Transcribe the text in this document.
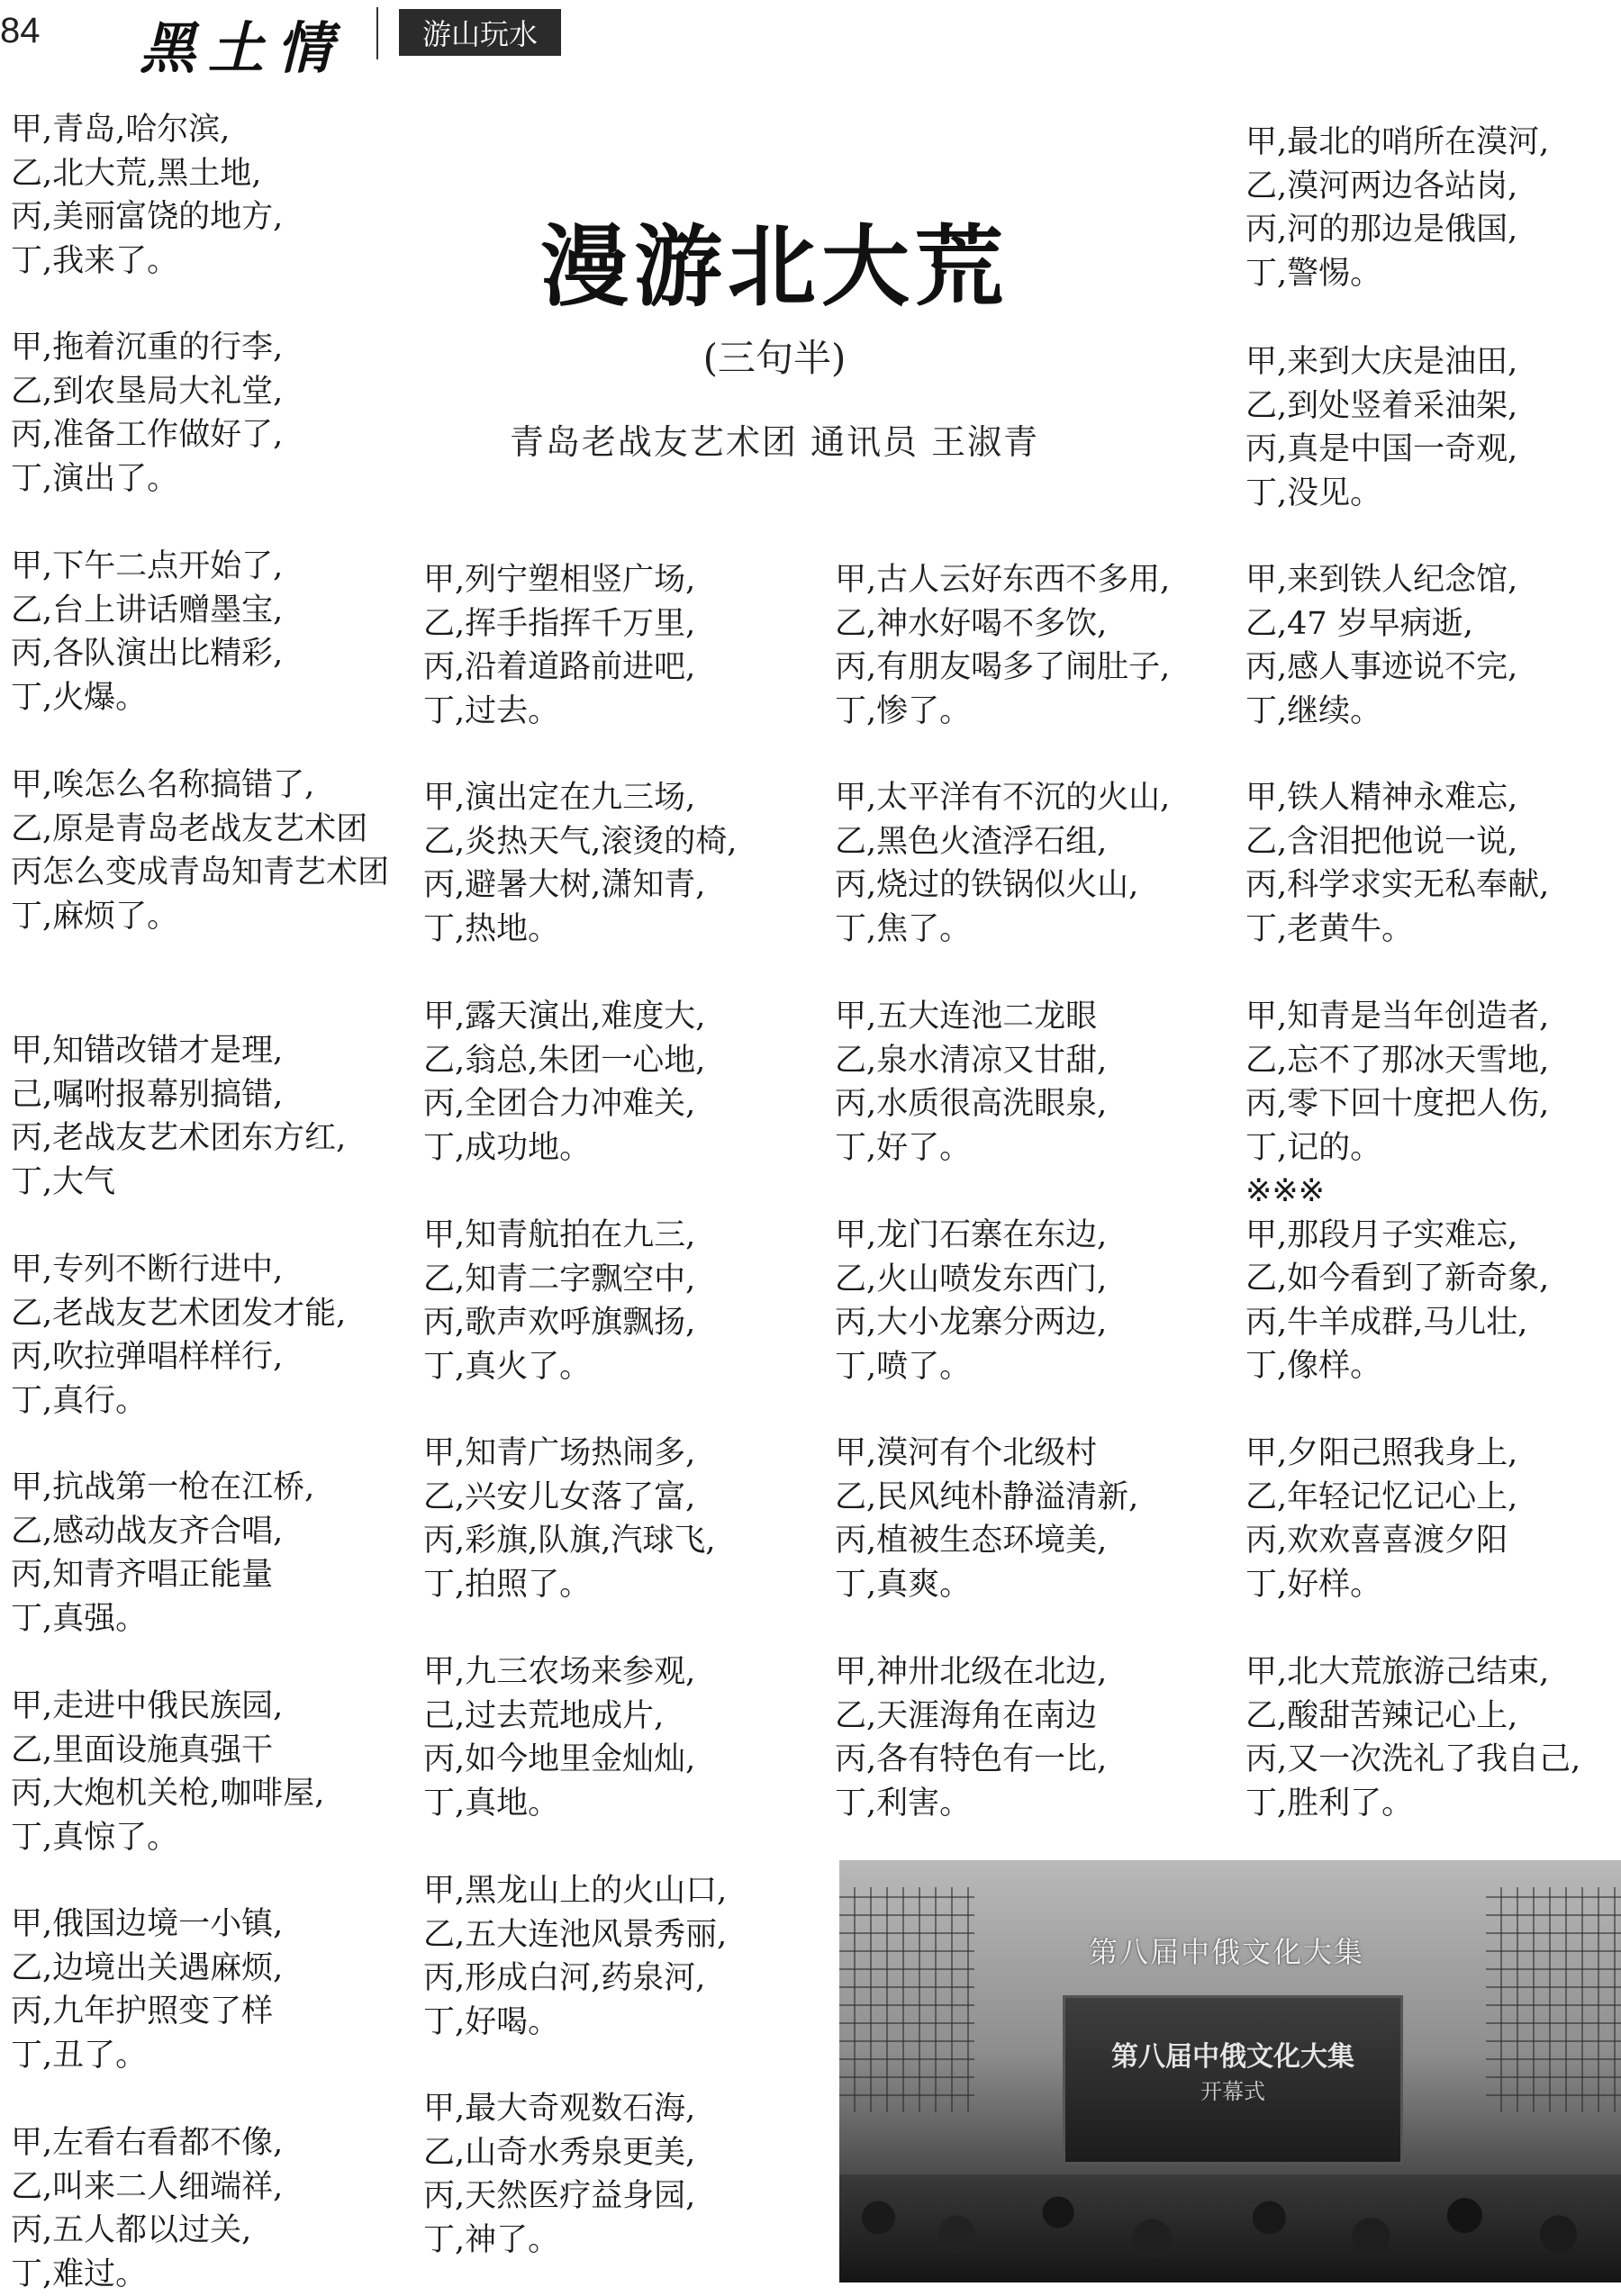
84 黑土情	游山玩水
漫游北大荒
(三句半)
青岛老战友艺术团 通讯员 王淑青
甲,青岛,哈尔滨,
乙,北大荒,黑土地,
丙,美丽富饶的地方,
丁,我来了。
甲,拖着沉重的行李,
乙,到农垦局大礼堂,
丙,准备工作做好了,
丁,演出了。
甲,下午二点开始了,
乙,台上讲话赠墨宝,
丙,各队演出比精彩,
丁,火爆。
甲,唉怎么名称搞错了,
乙,原是青岛老战友艺术团
丙怎么变成青岛知青艺术团
丁,麻烦了。
甲,知错改错才是理,
己,嘱咐报幕别搞错,
丙,老战友艺术团东方红,
丁,大气
甲,专列不断行进中,
乙,老战友艺术团发才能,
丙,吹拉弹唱样样行,
丁,真行。
甲,抗战第一枪在江桥,
乙,感动战友齐合唱,
丙,知青齐唱正能量
丁,真强。
甲,走进中俄民族园,
乙,里面设施真强干
丙,大炮机关枪,咖啡屋,
丁,真惊了。
甲,俄国边境一小镇,
乙,边境出关遇麻烦,
丙,九年护照变了样
丁,丑了。
甲,左看右看都不像,
乙,叫来二人细端祥,
丙,五人都以过关,
丁,难过。
甲,列宁塑相竖广场,
乙,挥手指挥千万里,
丙,沿着道路前进吧,
丁,过去。
甲,演出定在九三场,
乙,炎热天气,滚烫的椅,
丙,避暑大树,潇知青,
丁,热地。
甲,露天演出,难度大,
乙,翁总,朱团一心地,
丙,全团合力冲难关,
丁,成功地。
甲,知青航拍在九三,
乙,知青二字飘空中,
丙,歌声欢呼旗飘扬,
丁,真火了。
甲,知青广场热闹多,
乙,兴安儿女落了富,
丙,彩旗,队旗,汽球飞,
丁,拍照了。
甲,九三农场来参观,
己,过去荒地成片,
丙,如今地里金灿灿,
丁,真地。
甲,黑龙山上的火山口,
乙,五大连池风景秀丽,
丙,形成白河,药泉河,
丁,好喝。
甲,最大奇观数石海,
乙,山奇水秀泉更美,
丙,天然医疗益身园,
丁,神了。
甲,古人云好东西不多用,
乙,神水好喝不多饮,
丙,有朋友喝多了闹肚子,
丁,惨了。
甲,太平洋有不沉的火山,
乙,黑色火渣浮石组,
丙,烧过的铁锅似火山,
丁,焦了。
甲,五大连池二龙眼
乙,泉水清凉又甘甜,
丙,水质很高洗眼泉,
丁,好了。
甲,龙门石寨在东边,
乙,火山喷发东西门,
丙,大小龙寨分两边,
丁,喷了。
甲,漠河有个北级村
乙,民风纯朴静溢清新,
丙,植被生态环境美,
丁,真爽。
甲,神卅北级在北边,
乙,天涯海角在南边
丙,各有特色有一比,
丁,利害。
甲,最北的哨所在漠河,
乙,漠河两边各站岗,
丙,河的那边是俄国,
丁,警惕。
甲,来到大庆是油田,
乙,到处竖着采油架,
丙,真是中国一奇观,
丁,没见。
甲,来到铁人纪念馆,
乙,47 岁早病逝,
丙,感人事迹说不完,
丁,继续。
甲,铁人精神永难忘,
乙,含泪把他说一说,
丙,科学求实无私奉献,
丁,老黄牛。
甲,知青是当年创造者,
乙,忘不了那冰天雪地,
丙,零下回十度把人伤,
丁,记的。
※※※
甲,那段月子实难忘,
乙,如今看到了新奇象,
丙,牛羊成群,马儿壮,
丁,像样。
甲,夕阳己照我身上,
乙,年轻记忆记心上,
丙,欢欢喜喜渡夕阳
丁,好样。
甲,北大荒旅游己结束,
乙,酸甜苦辣记心上,
丙,又一次洗礼了我自己,
丁,胜利了。
第八届中俄文化大集
第八届中俄文化大集
开幕式
